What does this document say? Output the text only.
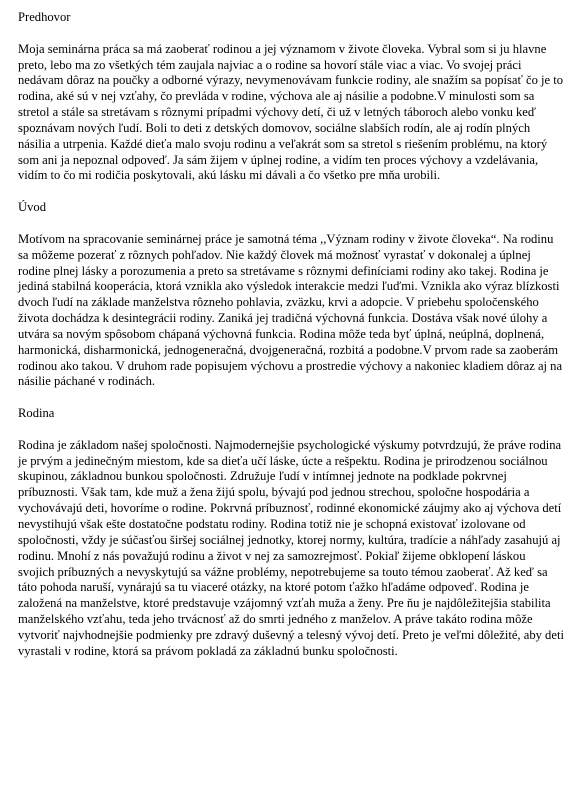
Predhovor

Moja seminárna práca sa má zaoberať rodinou a jej významom v živote človeka. Vybral som si ju hlavne preto, lebo ma zo všetkých tém zaujala najviac a o rodine sa hovorí stále viac a viac. Vo svojej práci nedávam dôraz na poučky a odborné výrazy, nevymenovávam funkcie rodiny, ale snažím sa popísať čo je to rodina, aké sú v nej vzťahy, čo prevláda v rodine, výchova ale aj násilie a podobne.V minulosti som sa stretol a stále sa stretávam s rôznymi prípadmi výchovy detí, či už v letných táboroch alebo vonku keď spoznávam nových ľudí. Boli to deti z detských domovov, sociálne slabších rodín, ale aj rodín plných násilia a utrpenia. Každé dieťa malo svoju rodinu a veľakrát som sa stretol s riešením problému, na ktorý som ani ja nepoznal odpoveď. Ja sám žijem v úplnej rodine, a vidím ten proces výchovy a vzdelávania, vidím to čo mi rodičia poskytovali, akú lásku mi dávali a čo všetko pre mňa urobili.

Úvod

Motívom na spracovanie seminárnej práce je samotná téma ,,Význam rodiny v živote človeka“. Na rodinu sa môžeme pozerať z rôznych pohľadov. Nie každý človek má možnosť vyrastať v dokonalej a úplnej rodine plnej lásky a porozumenia a preto sa stretávame s rôznymi definíciami rodiny ako takej. Rodina je jediná stabilná kooperácia, ktorá vznikla ako výsledok interakcie medzi ľuďmi. Vznikla ako výraz blízkosti dvoch ľudí na základe manželstva rôzneho pohlavia, zväzku, krvi a adopcie. V priebehu spoločenského života dochádza k desintegrácii rodiny. Zaniká jej tradičná výchovná funkcia. Dostáva však nové úlohy a utvára sa novým spôsobom chápaná výchovná funkcia. Rodina môže teda byť úplná, neúplná, doplnená, harmonická, disharmonická, jednogeneračná, dvojgeneračná, rozbitá a podobne.V prvom rade sa zaoberám rodinou ako takou. V druhom rade popisujem výchovu a prostredie výchovy a nakoniec kladiem dôraz aj na násilie páchané v rodinách.

Rodina

Rodina je základom našej spoločnosti. Najmodernejšie psychologické výskumy potvrdzujú, že práve rodina je prvým a jedinečným miestom, kde sa dieťa učí láske, úcte a rešpektu. Rodina je prirodzenou sociálnou skupinou, základnou bunkou spoločnosti. Združuje ľudí v intímnej jednote na podklade pokrvnej príbuznosti. Však tam, kde muž a žena žijú spolu, bývajú pod jednou strechou, spoločne hospodária a vychovávajú deti, hovoríme o rodine. Pokrvná príbuznosť, rodinné ekonomické záujmy ako aj výchova detí nevystihujú však ešte dostatočne podstatu rodiny. Rodina totiž nie je schopná existovať izolovane od spoločnosti, vždy je súčasťou širšej sociálnej jednotky, ktorej normy, kultúra, tradície a náhľady zasahujú aj rodinu. Mnohí z nás považujú rodinu a život v nej za samozrejmosť. Pokiaľ žijeme obklopení láskou svojich príbuzných a nevyskytujú sa vážne problémy, nepotrebujeme sa touto témou zaoberať. Až keď sa táto pohoda naruší, vynárajú sa tu viaceré otázky, na ktoré potom ťažko hľadáme odpoveď. Rodina je založená na manželstve, ktoré predstavuje vzájomný vzťah muža a ženy. Pre ňu je najdôležitejšia stabilita manželského vzťahu, teda jeho trvácnosť až do smrti jedného z manželov. A práve takáto rodina môže vytvoriť najvhodnejšie podmienky pre zdravý duševný a telesný vývoj detí. Preto je veľmi dôležité, aby deti vyrastali v rodine, ktorá sa právom pokladá za základnú bunku spoločnosti.
